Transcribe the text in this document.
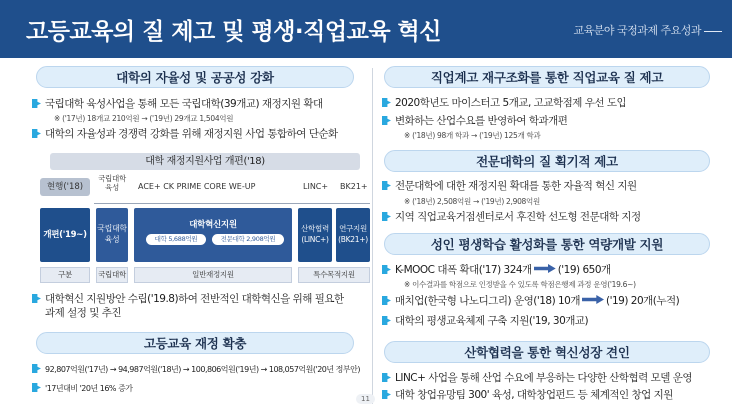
고등교육의 질 제고 및 평생·직업교육 혁신	교육분야 국정과제 주요성과
대학의 자율성 및 공공성 강화
국립대학 육성사업을 통해 모든 국립대학(39개교) 재정지원 확대
※ ('17년) 18개교 210억원 → ('19년) 29개교 1,504억원
대학의 자율성과 경쟁력 강화를 위해 재정지원 사업 통합하여 단순화
대학 재정지원사업 개편('18)
현행('18)
국립대학 육성	ACE+ CK PRIME CORE WE-UP	LINC+ BK21+
개편('19~)
국립대학 육성
대학혁신지원
대학 5,688억원	전문대학 2,908억원
산학협력 (LINC+)
연구지원 (BK21+)
구분	국립대학	일반재정지원	특수목적지원
대학혁신 지원방안 수립('19.8)하여 전반적인 대학혁신을 위해 필요한
과제 설정 및 추진
고등교육 재정 확충
92,807억원('17년) → 94,987억원('18년) → 100,806억원('19년) → 108,057억원('20년 정부안)
'17년대비 '20년 16% 증가
직업계고 재구조화를 통한 직업교육 질 제고
2020학년도 마이스터고 5개교, 고교학점제 우선 도입
변화하는 산업수요를 반영하여 학과개편
※ ('18년) 98개 학과 → ('19년) 125개 학과
전문대학의 질 획기적 제고
전문대학에 대한 재정지원 확대를 통한 자율적 혁신 지원
※ ('18년) 2,508억원 → ('19년) 2,908억원
지역 직업교육거점센터로서 후진학 선도형 전문대학 지정
성인 평생학습 활성화를 통한 역량개발 지원
K-MOOC 대폭 확대('17) 324개 ('19) 650개
※ 이수결과를 학점으로 인정받을 수 있도록 학점은행제 과정 운영('19.6~)
매치업(한국형 나노디그리) 운영('18) 10개 ('19) 20개(누적)
대학의 평생교육체제 구축 지원('19, 30개교)
산학협력을 통한 혁신성장 견인
LINC+ 사업을 통해 산업 수요에 부응하는 다양한 산학협력 모델 운영
대학 창업유망팀 300' 육성, 대학창업펀드 등 체계적인 창업 지원
11
